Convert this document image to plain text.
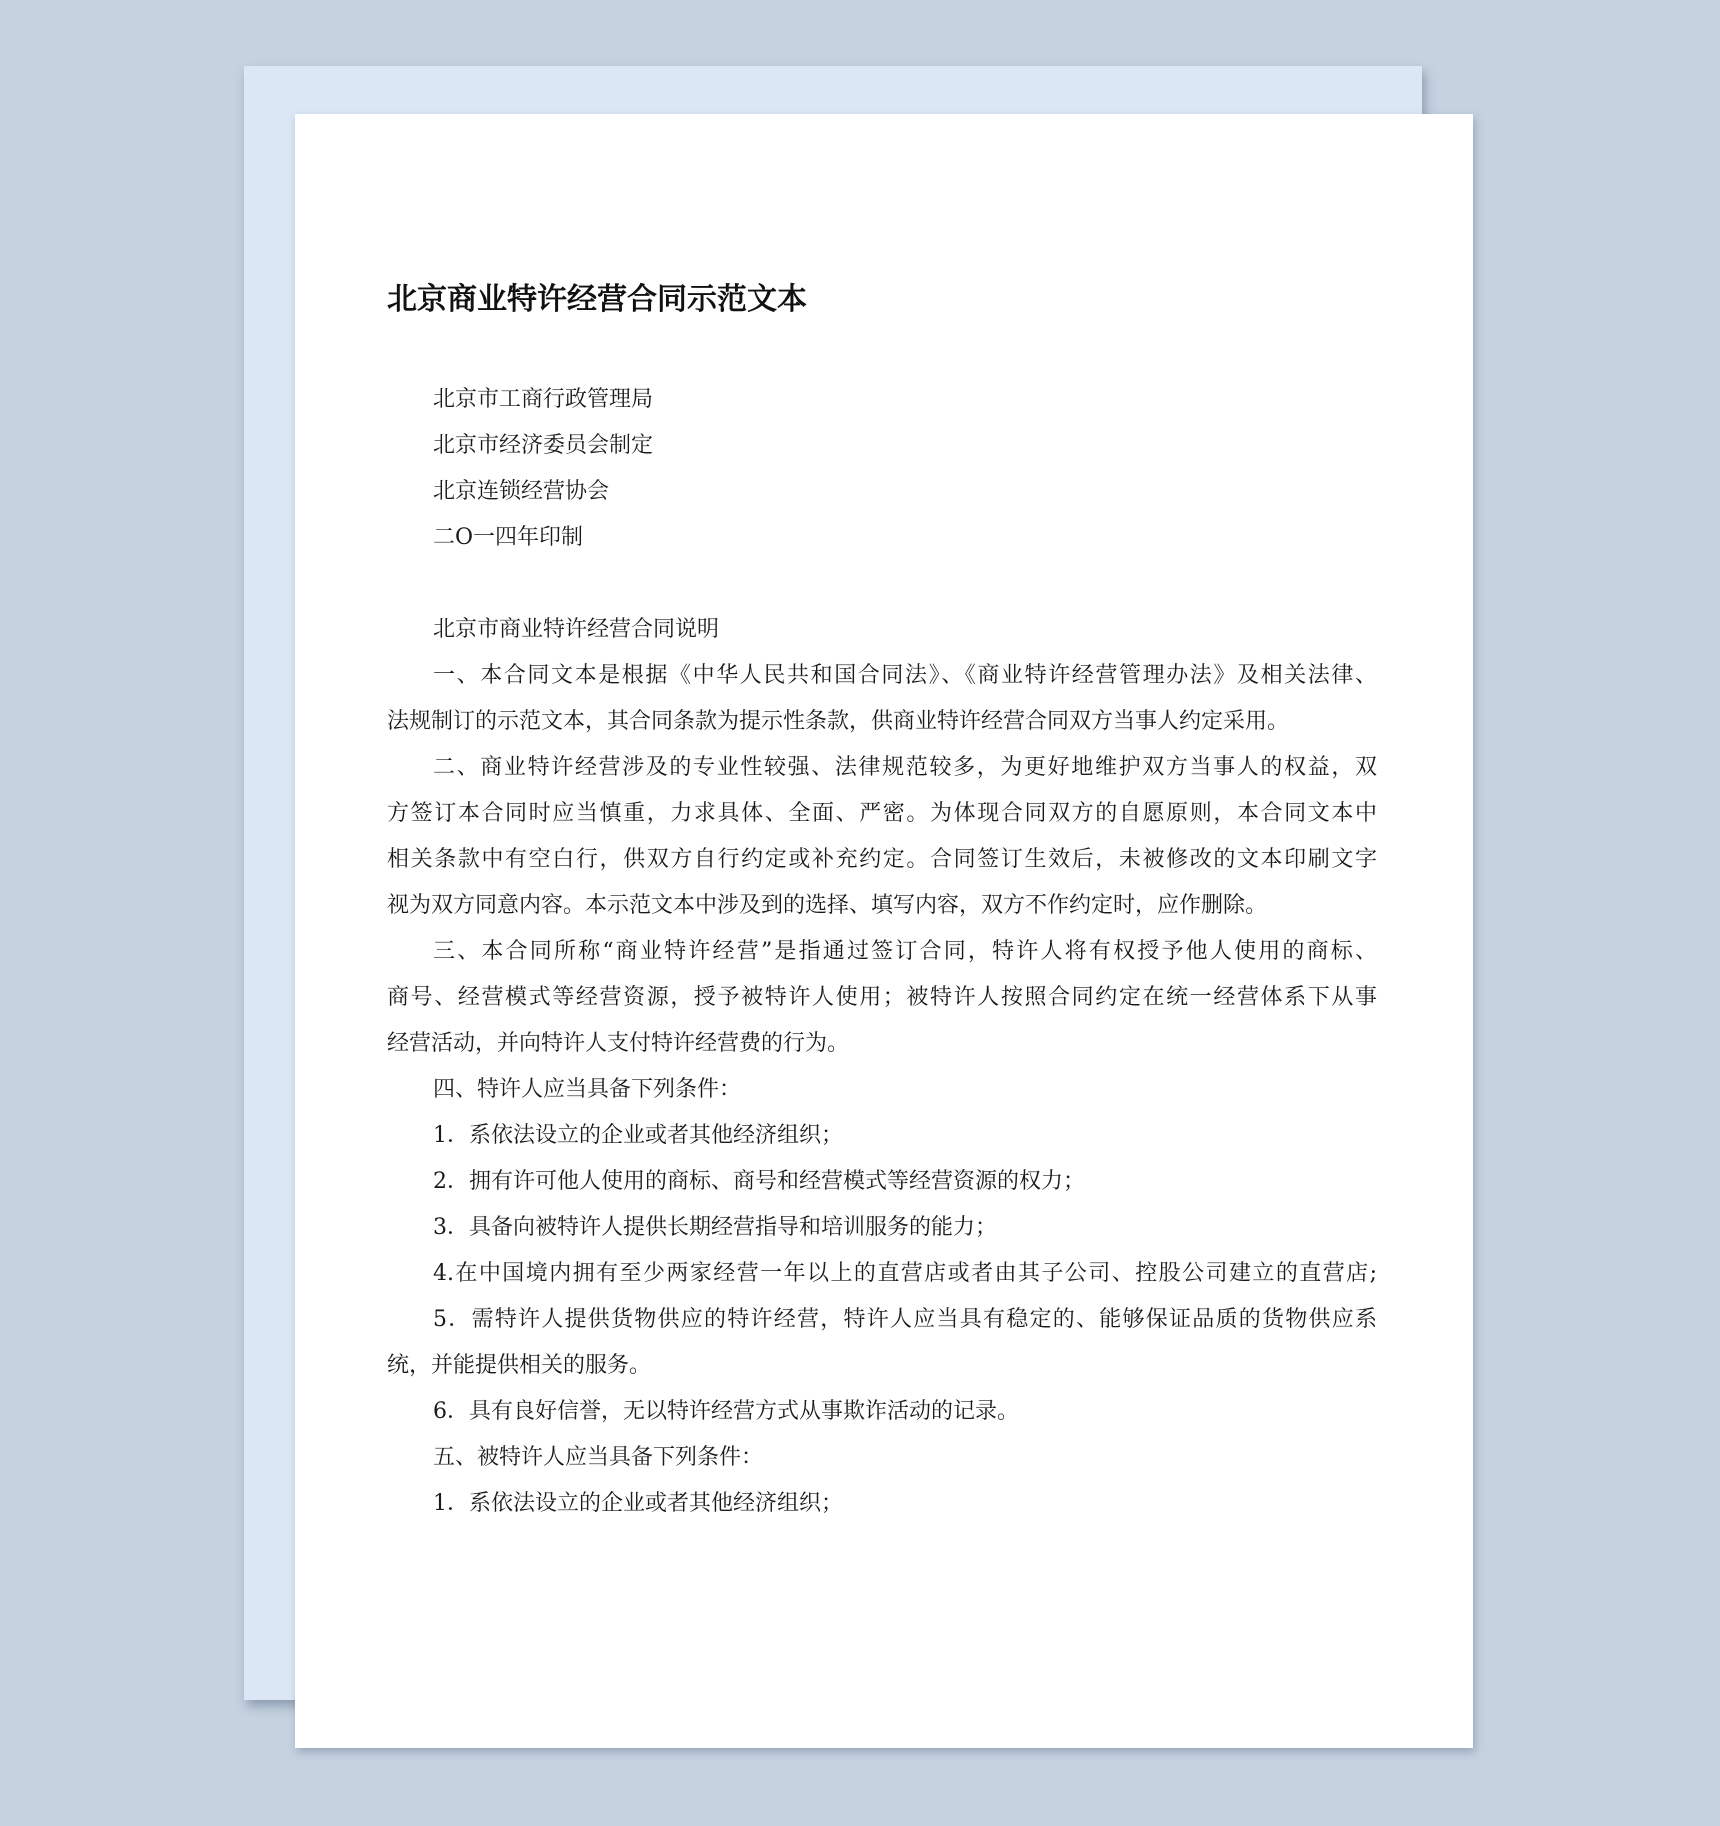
北京商业特许经营合同示范文本
北京市工商行政管理局
北京市经济委员会制定
北京连锁经营协会
二O一四年印制
北京市商业特许经营合同说明
一、本合同文本是根据《中华人民共和国合同法》、《商业特许经营管理办法》及相关法律、
法规制订的示范文本，其合同条款为提示性条款，供商业特许经营合同双方当事人约定采用。
二、商业特许经营涉及的专业性较强、法律规范较多，为更好地维护双方当事人的权益，双
方签订本合同时应当慎重，力求具体、全面、严密。为体现合同双方的自愿原则，本合同文本中
相关条款中有空白行，供双方自行约定或补充约定。合同签订生效后，未被修改的文本印刷文字
视为双方同意内容。本示范文本中涉及到的选择、填写内容，双方不作约定时，应作删除。
三、本合同所称“商业特许经营”是指通过签订合同，特许人将有权授予他人使用的商标、
商号、经营模式等经营资源，授予被特许人使用；被特许人按照合同约定在统一经营体系下从事
经营活动，并向特许人支付特许经营费的行为。
四、特许人应当具备下列条件：
1．系依法设立的企业或者其他经济组织；
2．拥有许可他人使用的商标、商号和经营模式等经营资源的权力；
3．具备向被特许人提供长期经营指导和培训服务的能力；
4.在中国境内拥有至少两家经营一年以上的直营店或者由其子公司、控股公司建立的直营店;
5．需特许人提供货物供应的特许经营，特许人应当具有稳定的、能够保证品质的货物供应系
统，并能提供相关的服务。
6．具有良好信誉，无以特许经营方式从事欺诈活动的记录。
五、被特许人应当具备下列条件：
1．系依法设立的企业或者其他经济组织；
